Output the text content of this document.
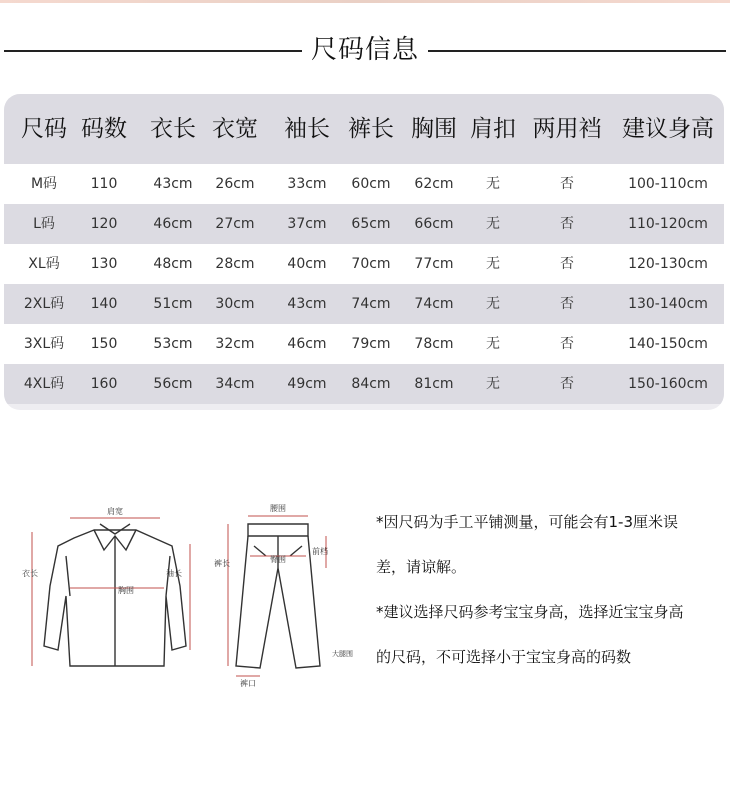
尺码信息
尺码 码数	衣长 衣宽 袖长 裤长 胸围 肩扣 两用裆 建议身高
M码	110	43cm	26cm	33cm	60cm	62cm	无	否	100-110cm
L码	120	46cm	27cm	37cm	65cm	66cm	无	否	110-120cm
XL码	130	48cm	28cm	40cm	70cm	77cm	无	否	120-130cm
2XL码	140	51cm	30cm	43cm	74cm	74cm	无	否	130-140cm
3XL码	150	53cm	32cm	46cm	79cm	78cm	无	否	140-150cm
4XL码	160	56cm	34cm	49cm	84cm	81cm	无	否	150-160cm
肩宽
衣长
胸围
袖长
腰围
裤长
前档
臀围
大腿围
裤口

*因尺码为手工平铺测量，可能会有1-3厘米误

差，请谅解。

*建议选择尺码参考宝宝身高，选择近宝宝身高

的尺码，不可选择小于宝宝身高的码数
